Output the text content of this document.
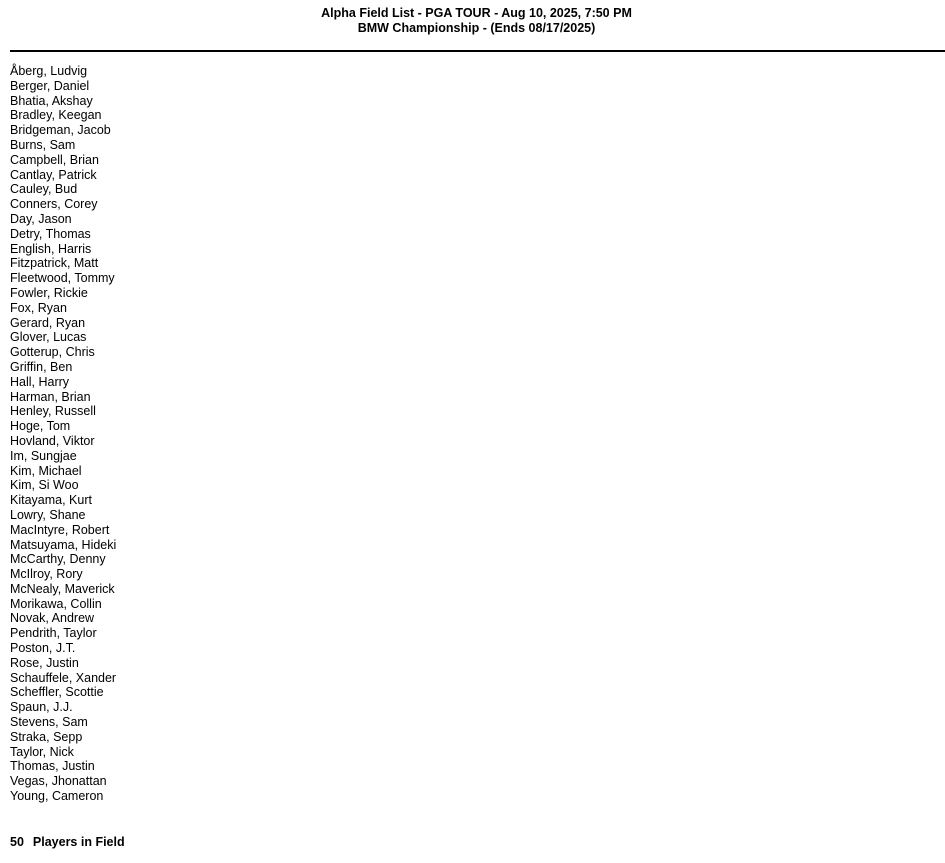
Alpha Field List - PGA TOUR - Aug 10, 2025, 7:50 PM
BMW Championship - (Ends 08/17/2025)
Åberg, Ludvig
Berger, Daniel
Bhatia, Akshay
Bradley, Keegan
Bridgeman, Jacob
Burns, Sam
Campbell, Brian
Cantlay, Patrick
Cauley, Bud
Conners, Corey
Day, Jason
Detry, Thomas
English, Harris
Fitzpatrick, Matt
Fleetwood, Tommy
Fowler, Rickie
Fox, Ryan
Gerard, Ryan
Glover, Lucas
Gotterup, Chris
Griffin, Ben
Hall, Harry
Harman, Brian
Henley, Russell
Hoge, Tom
Hovland, Viktor
Im, Sungjae
Kim, Michael
Kim, Si Woo
Kitayama, Kurt
Lowry, Shane
MacIntyre, Robert
Matsuyama, Hideki
McCarthy, Denny
McIlroy, Rory
McNealy, Maverick
Morikawa, Collin
Novak, Andrew
Pendrith, Taylor
Poston, J.T.
Rose, Justin
Schauffele, Xander
Scheffler, Scottie
Spaun, J.J.
Stevens, Sam
Straka, Sepp
Taylor, Nick
Thomas, Justin
Vegas, Jhonattan
Young, Cameron
50 Players in Field
